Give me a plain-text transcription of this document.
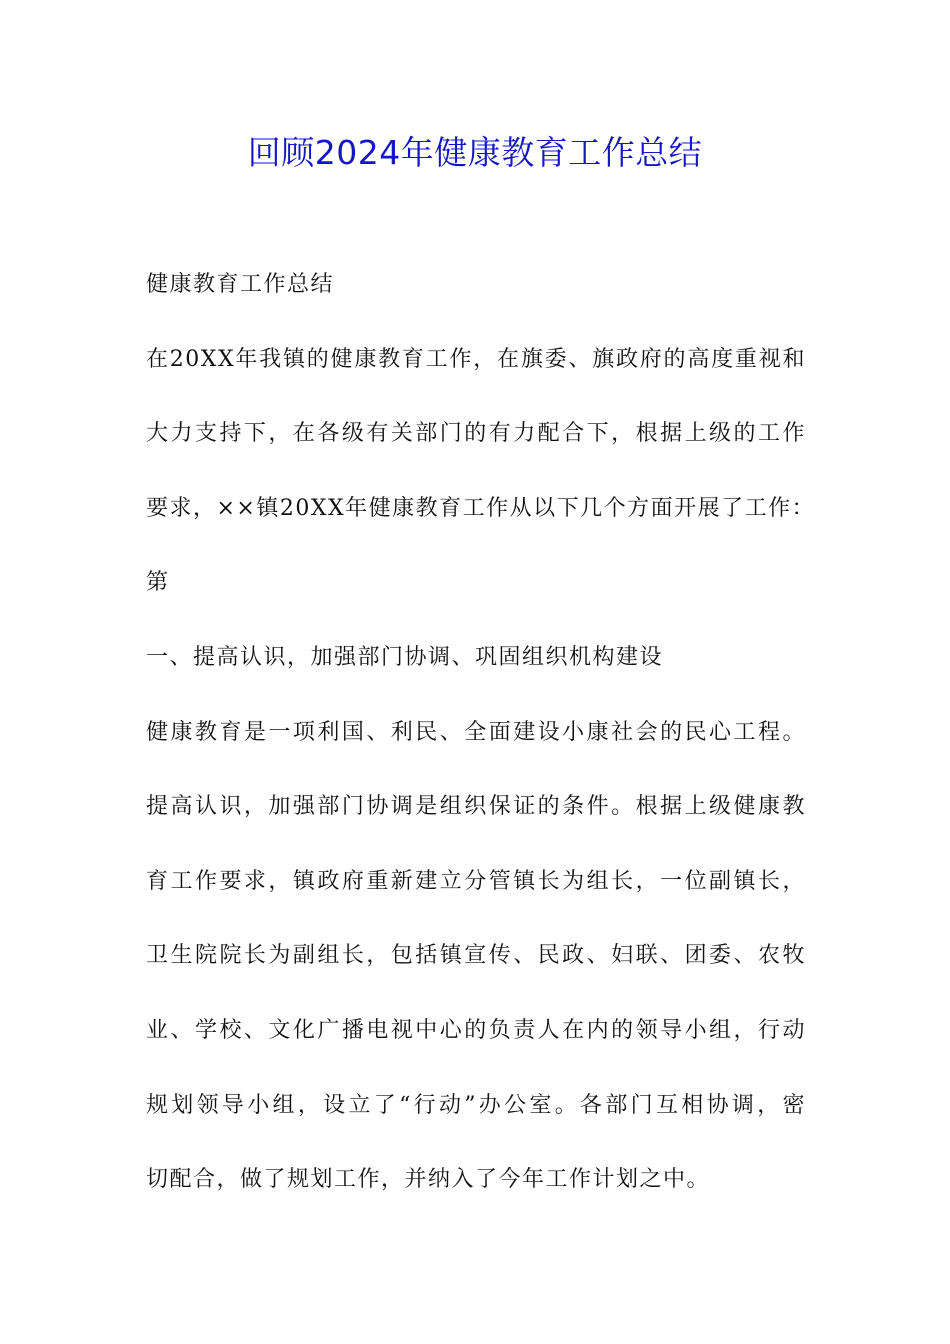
回顾2024年健康教育工作总结
健康教育工作总结
在20XX年我镇的健康教育工作，在旗委、旗政府的高度重视和
大力支持下，在各级有关部门的有力配合下，根据上级的工作
要求，××镇20XX年健康教育工作从以下几个方面开展了工作：
第
一、提高认识，加强部门协调、巩固组织机构建设
健康教育是一项利国、利民、全面建设小康社会的民心工程。
提高认识，加强部门协调是组织保证的条件。根据上级健康教
育工作要求，镇政府重新建立分管镇长为组长，一位副镇长，
卫生院院长为副组长，包括镇宣传、民政、妇联、团委、农牧
业、学校、文化广播电视中心的负责人在内的领导小组，行动
规划领导小组，设立了“行动”办公室。各部门互相协调，密
切配合，做了规划工作，并纳入了今年工作计划之中。
